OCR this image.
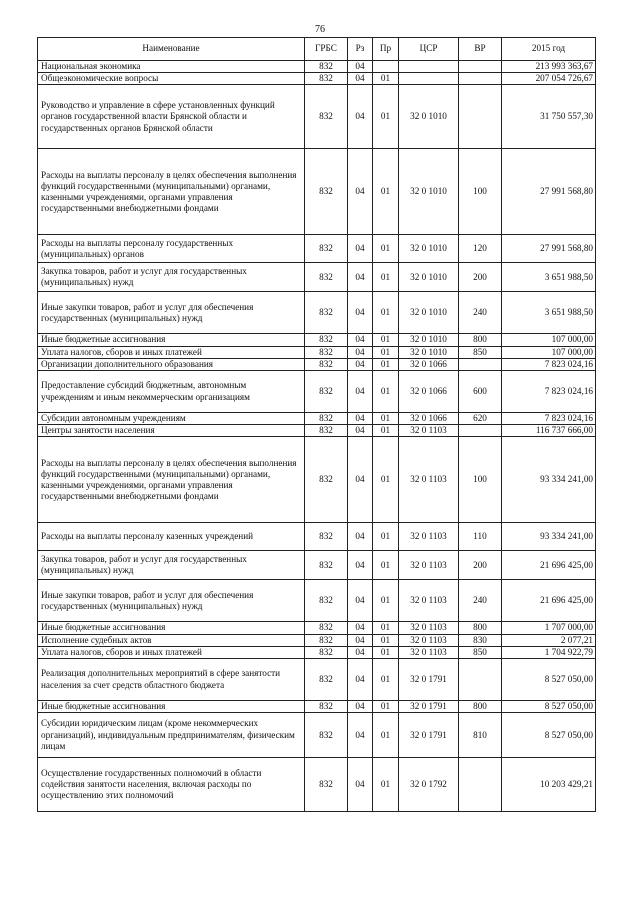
76
Наименование	ГРБС	Рз	Пр	ЦСР	ВР	2015 год
Национальная экономика	832	04				213 993 363,67
Общеэкономические вопросы	832	04	01			207 054 726,67
Руководство и управление в сфере установленных функций органов государственной власти Брянской области и государственных органов Брянской области	832	04	01	32 0 1010		31 750 557,30
Расходы на выплаты персоналу в целях обеспечения выполнения функций государственными (муниципальными) органами, казенными учреждениями, органами управления государственными внебюджетными фондами	832	04	01	32 0 1010	100	27 991 568,80
Расходы на выплаты персоналу государственных (муниципальных) органов	832	04	01	32 0 1010	120	27 991 568,80
Закупка товаров, работ и услуг для государственных (муниципальных) нужд	832	04	01	32 0 1010	200	3 651 988,50
Иные закупки товаров, работ и услуг для обеспечения государственных (муниципальных) нужд	832	04	01	32 0 1010	240	3 651 988,50
Иные бюджетные ассигнования	832	04	01	32 0 1010	800	107 000,00
Уплата налогов, сборов и иных платежей	832	04	01	32 0 1010	850	107 000,00
Организации дополнительного образования	832	04	01	32 0 1066		7 823 024,16
Предоставление субсидий бюджетным, автономным учреждениям и иным некоммерческим организациям	832	04	01	32 0 1066	600	7 823 024,16
Субсидии автономным учреждениям	832	04	01	32 0 1066	620	7 823 024,16
Центры занятости населения	832	04	01	32 0 1103		116 737 666,00
Расходы на выплаты персоналу в целях обеспечения выполнения функций государственными (муниципальными) органами, казенными учреждениями, органами управления государственными внебюджетными фондами	832	04	01	32 0 1103	100	93 334 241,00
Расходы на выплаты персоналу казенных учреждений	832	04	01	32 0 1103	110	93 334 241,00
Закупка товаров, работ и услуг для государственных (муниципальных) нужд	832	04	01	32 0 1103	200	21 696 425,00
Иные закупки товаров, работ и услуг для обеспечения государственных (муниципальных) нужд	832	04	01	32 0 1103	240	21 696 425,00
Иные бюджетные ассигнования	832	04	01	32 0 1103	800	1 707 000,00
Исполнение судебных актов	832	04	01	32 0 1103	830	2 077,21
Уплата налогов, сборов и иных платежей	832	04	01	32 0 1103	850	1 704 922,79
Реализация дополнительных мероприятий в сфере занятости населения за счет средств областного бюджета	832	04	01	32 0 1791		8 527 050,00
Иные бюджетные ассигнования	832	04	01	32 0 1791	800	8 527 050,00
Субсидии юридическим лицам (кроме некоммерческих организаций), индивидуальным предпринимателям, физическим лицам	832	04	01	32 0 1791	810	8 527 050,00
Осуществление государственных полномочий в области содействия занятости населения, включая расходы по осуществлению этих полномочий	832	04	01	32 0 1792		10 203 429,21
